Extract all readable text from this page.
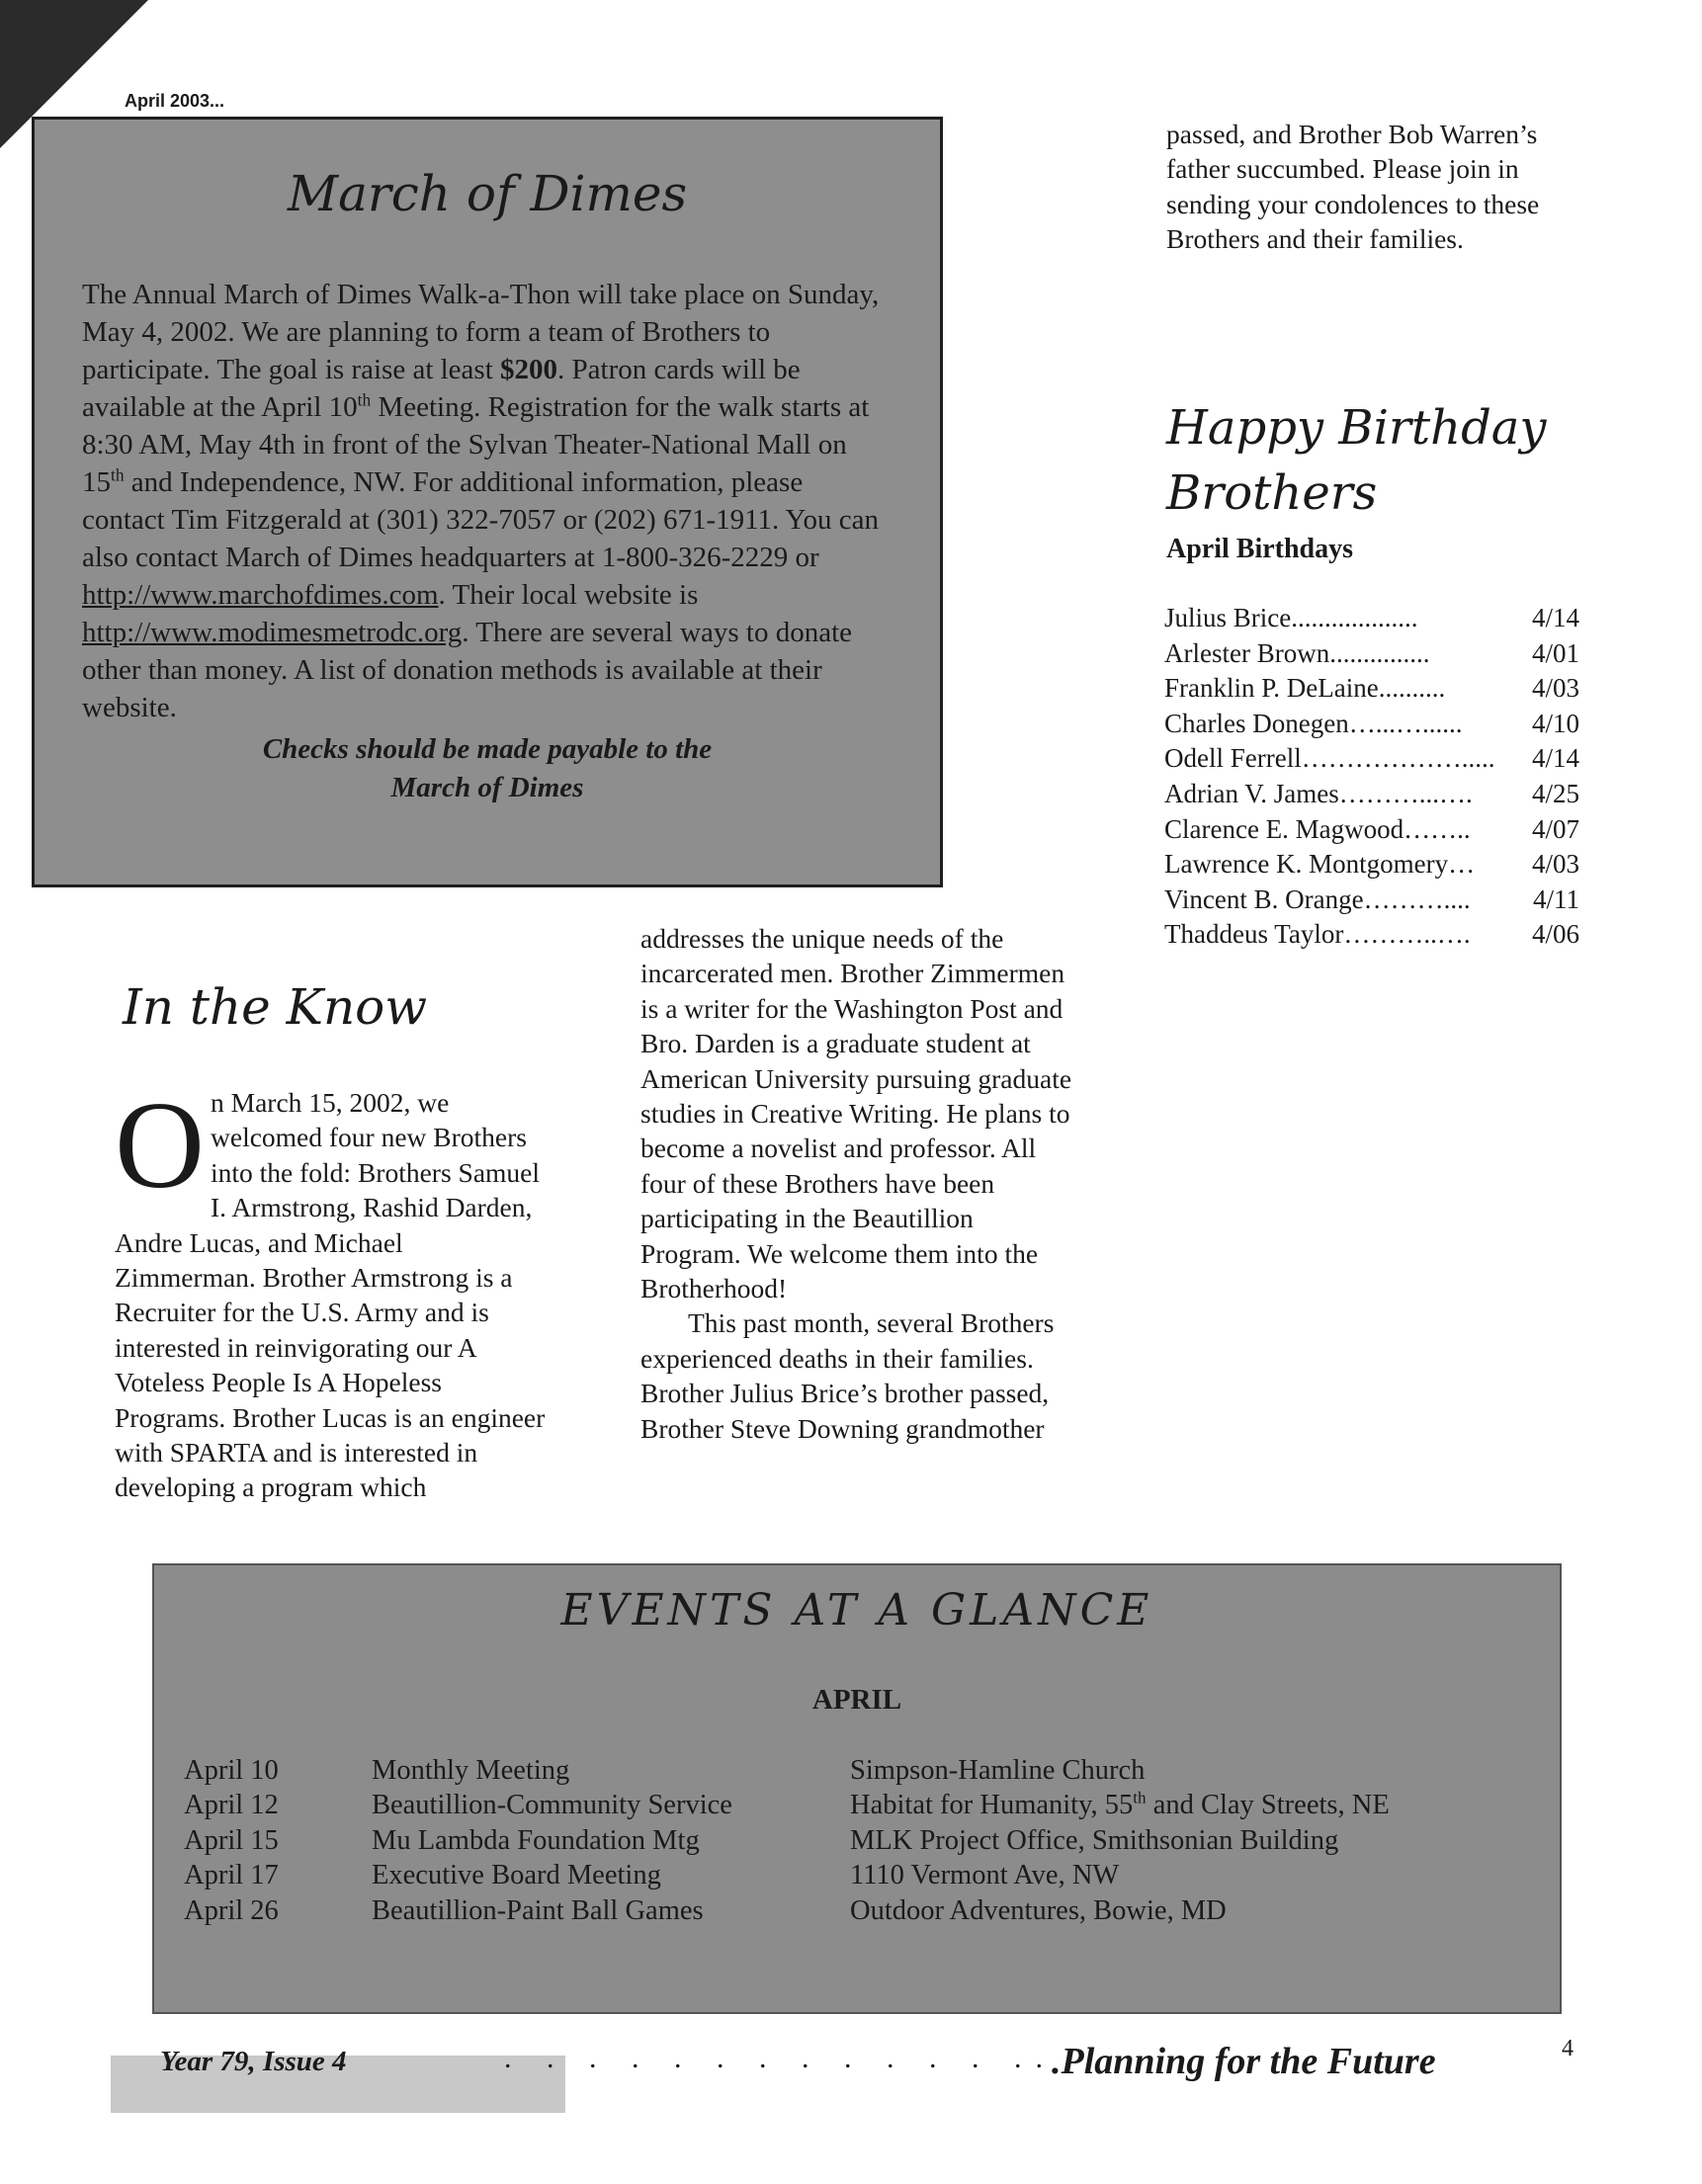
April 2003...
March of Dimes

The Annual March of Dimes Walk-a-Thon will take place on Sunday, May 4, 2002. We are planning to form a team of Brothers to participate. The goal is raise at least $200. Patron cards will be available at the April 10th Meeting. Registration for the walk starts at 8:30 AM, May 4th in front of the Sylvan Theater-National Mall on 15th and Independence, NW. For additional information, please contact Tim Fitzgerald at (301) 322-7057 or (202) 671-1911. You can also contact March of Dimes headquarters at 1-800-326-2229 or http://www.marchofdimes.com. Their local website is http://www.modimesmetrodc.org. There are several ways to donate other than money. A list of donation methods is available at their website.

Checks should be made payable to the
March of Dimes

passed, and Brother Bob Warren’s father succumbed. Please join in sending your condolences to these Brothers and their families.

Happy Birthday
Brothers
April Birthdays
Julius Brice. ..................	4/14
Arlester Brown ...............	4/01
Franklin P. DeLaine ..........	4/03
Charles Donegen …...…......	4/10
Odell Ferrell ……………….....	4/14
Adrian V. James ………...….	4/25
Clarence E. Magwood ……..	4/07
Lawrence K. Montgomery …	4/03
Vincent B. Orange ………....	4/11
Thaddeus Taylor ………..….	4/06
In the Know

On March 15, 2002, we welcomed four new Brothers into the fold: Brothers Samuel I. Armstrong, Rashid Darden, Andre Lucas, and Michael Zimmerman. Brother Armstrong is a Recruiter for the U.S. Army and is interested in reinvigorating our A Voteless People Is A Hopeless Programs. Brother Lucas is an engineer with SPARTA and is interested in developing a program which

addresses the unique needs of the incarcerated men. Brother Zimmermen is a writer for the Washington Post and Bro. Darden is a graduate student at American University pursuing graduate studies in Creative Writing. He plans to become a novelist and professor. All four of these Brothers have been participating in the Beautillion Program. We welcome them into the Brotherhood!

This past month, several Brothers experienced deaths in their families. Brother Julius Brice’s brother passed, Brother Steve Downing grandmother

EVENTS AT A GLANCE
APRIL
April 10	Monthly Meeting	Simpson-Hamline Church
April 12	Beautillion-Community Service	Habitat for Humanity, 55th and Clay Streets, NE
April 15	Mu Lambda Foundation Mtg	MLK Project Office, Smithsonian Building
April 17	Executive Board Meeting	1110 Vermont Ave, NW
April 26	Beautillion-Paint Ball Games	Outdoor Adventures, Bowie, MD
Year 79, Issue 4	. . . . . . . . . . . . ..
.Planning for the Future	4
